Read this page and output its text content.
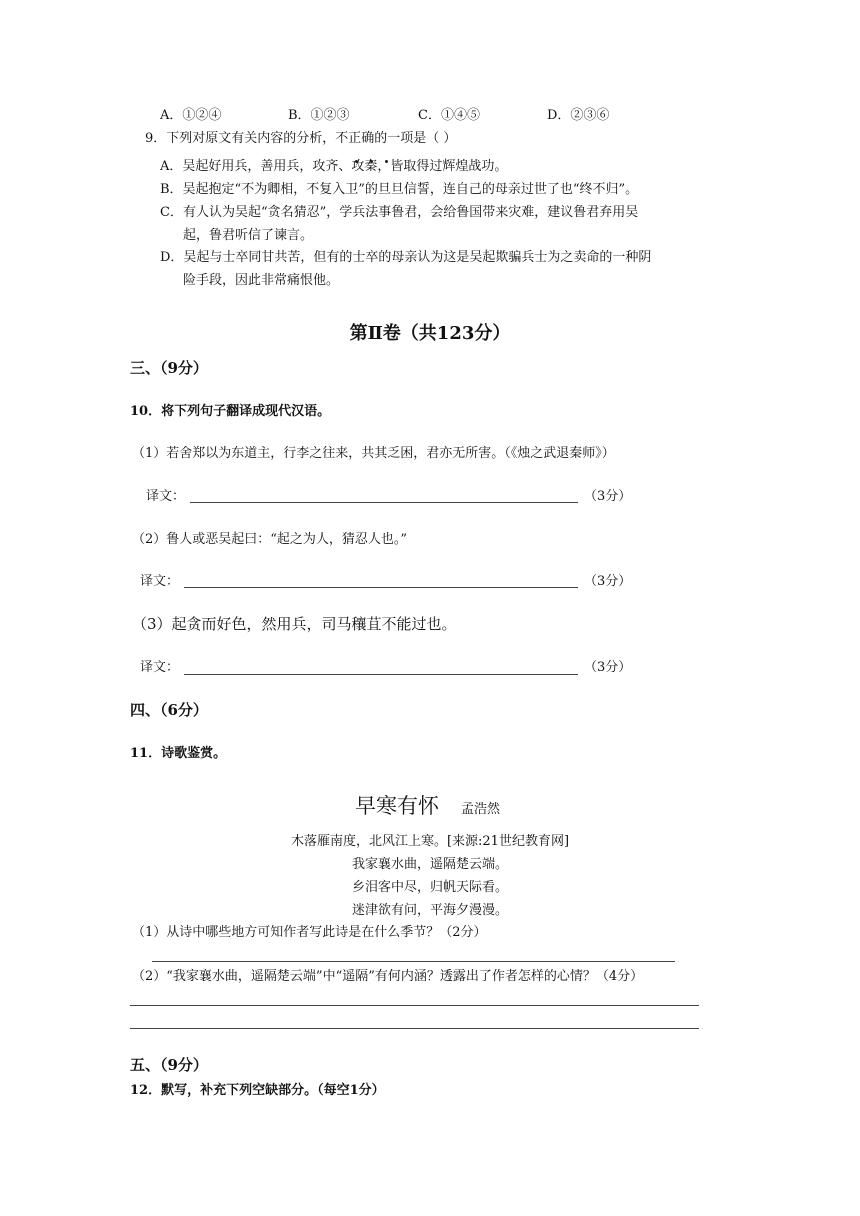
A．①②④	B．①②③	C．①④⑤	D．②③⑥
9．下列对原文有关内容的分析，不正确的一项是（ ）
A．吴起好用兵，善用兵，攻齐、攻秦，皆取得过辉煌战功。
B．吴起抱定“不为卿相，不复入卫”的旦旦信誓，连自己的母亲过世了也“终不归”。
C．有人认为吴起“贪名猜忍”，学兵法事鲁君，会给鲁国带来灾难，建议鲁君弃用吴
起，鲁君听信了谏言。
D．吴起与士卒同甘共苦，但有的士卒的母亲认为这是吴起欺骗兵士为之卖命的一种阴
险手段，因此非常痛恨他。
第Ⅱ卷（共123分）
三、（9分）
10．将下列句子翻译成现代汉语。
（1）若舍郑以为东道主，行李之往来，共其乏困，君亦无所害。（《烛之武退秦师》）
译文：	（3分）
（2）鲁人或恶吴起曰：“起之为人，猜忍人也。”
译文：	（3分）
（3）起贪而好色，然用兵，司马穰苴不能过也。
译文：	（3分）
四、（6分）
11．诗歌鉴赏。
早寒有怀 孟浩然
木落雁南度，北风江上寒。[来源:21世纪教育网]
我家襄水曲，遥隔楚云端。
乡泪客中尽，归帆天际看。
迷津欲有问，平海夕漫漫。
（1）从诗中哪些地方可知作者写此诗是在什么季节？（2分）
（2）“我家襄水曲，遥隔楚云端”中“遥隔”有何内涵？透露出了作者怎样的心情？（4分）
五、（9分）
12．默写，补充下列空缺部分。（每空1分）
